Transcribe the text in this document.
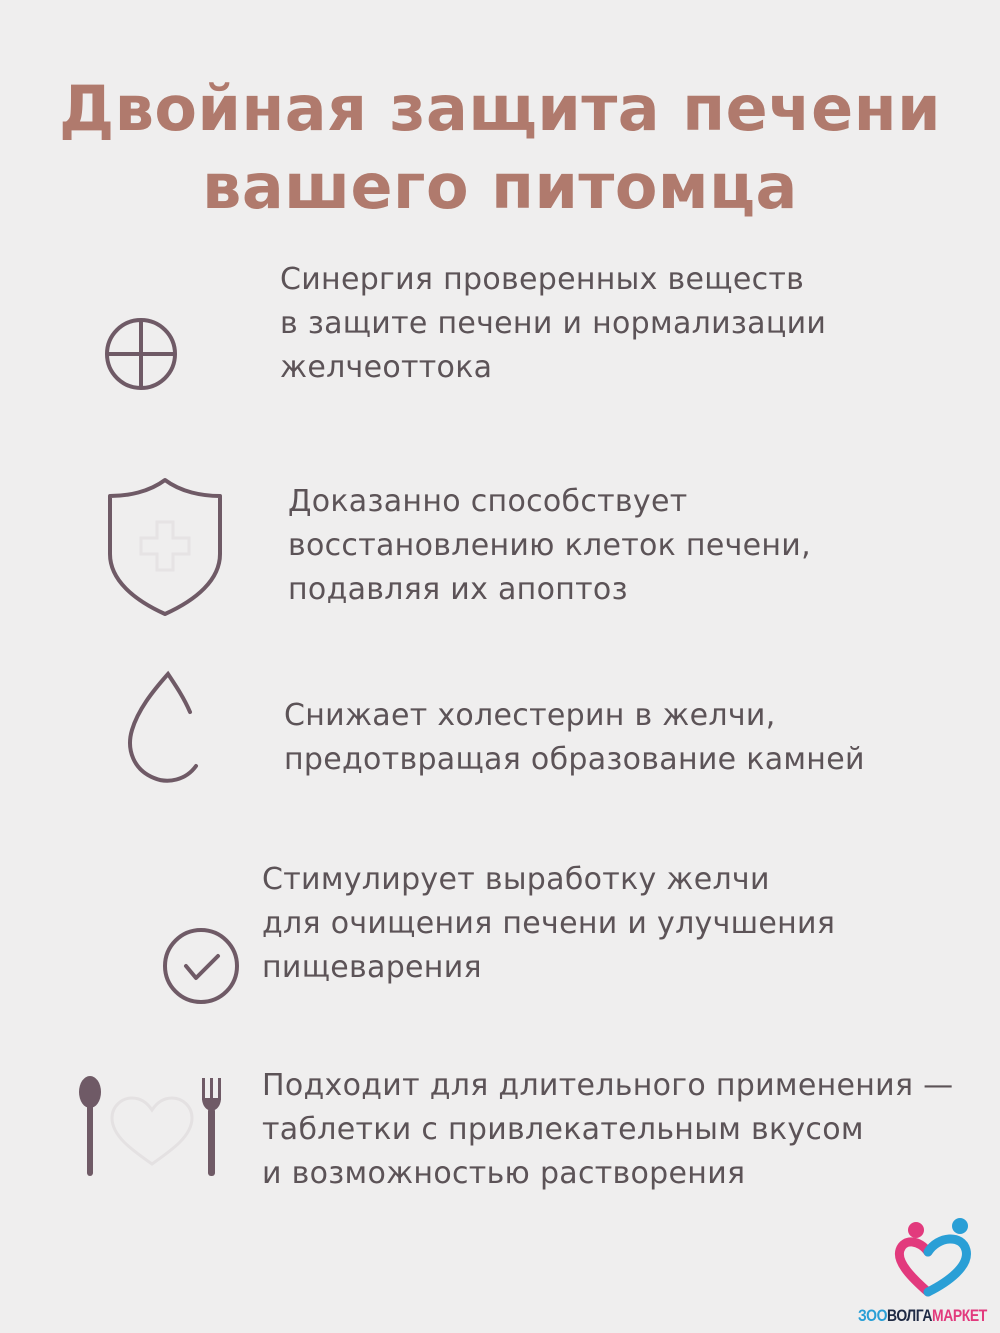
Двойная защита печени
вашего питомца
Синергия проверенных веществ
в защите печени и нормализации
желчеоттока
Доказанно способствует
восстановлению клеток печени,
подавляя их апоптоз
Снижает холестерин в желчи,
предотвращая образование камней
Стимулирует выработку желчи
для очищения печени и улучшения
пищеварения
Подходит для длительного применения —
таблетки с привлекательным вкусом
и возможностью растворения
ЗООВОЛГАМАРКЕТ
